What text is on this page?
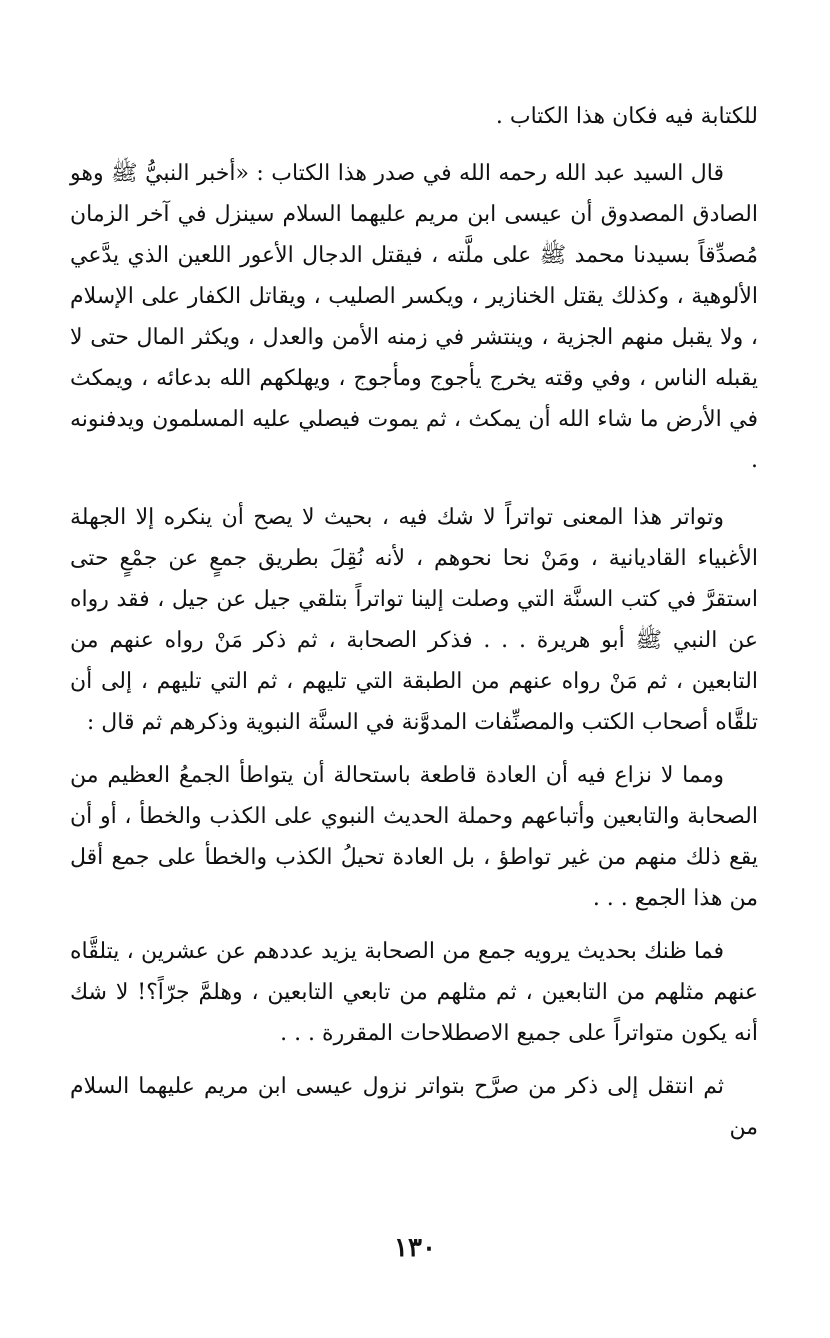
للكتابة فيه فكان هذا الكتاب .

قال السيد عبد الله رحمه الله في صدر هذا الكتاب : «أخبر النبيُّ ﷺ وهو الصادق المصدوق أن عيسى ابن مريم عليهما السلام سينزل في آخر الزمان مُصدِّقاً بسيدنا محمد ﷺ على ملَّته ، فيقتل الدجال الأعور اللعين الذي يدَّعي الألوهية ، وكذلك يقتل الخنازير ، ويكسر الصليب ، ويقاتل الكفار على الإسلام ، ولا يقبل منهم الجزية ، وينتشر في زمنه الأمن والعدل ، ويكثر المال حتى لا يقبله الناس ، وفي وقته يخرج يأجوج ومأجوج ، ويهلكهم الله بدعائه ، ويمكث في الأرض ما شاء الله أن يمكث ، ثم يموت فيصلي عليه المسلمون ويدفنونه .

وتواتر هذا المعنى تواتراً لا شك فيه ، بحيث لا يصح أن ينكره إلا الجهلة الأغبياء القاديانية ، ومَنْ نحا نحوهم ، لأنه نُقِلَ بطريق جمعٍ عن جمْعٍ حتى استقرَّ في كتب السنَّة التي وصلت إلينا تواتراً بتلقي جيل عن جيل ، فقد رواه عن النبي ﷺ أبو هريرة . . . فذكر الصحابة ، ثم ذكر مَنْ رواه عنهم من التابعين ، ثم مَنْ رواه عنهم من الطبقة التي تليهم ، ثم التي تليهم ، إلى أن تلقَّاه أصحاب الكتب والمصنِّفات المدوَّنة في السنَّة النبوية وذكرهم ثم قال :

ومما لا نزاع فيه أن العادة قاطعة باستحالة أن يتواطأ الجمعُ العظيم من الصحابة والتابعين وأتباعهم وحملة الحديث النبوي على الكذب والخطأ ، أو أن يقع ذلك منهم من غير تواطؤ ، بل العادة تحيلُ الكذب والخطأ على جمع أقل من هذا الجمع . . .

فما ظنك بحديث يرويه جمع من الصحابة يزيد عددهم عن عشرين ، يتلقَّاه عنهم مثلهم من التابعين ، ثم مثلهم من تابعي التابعين ، وهلمَّ جرّاً؟! لا شك أنه يكون متواتراً على جميع الاصطلاحات المقررة . . .

ثم انتقل إلى ذكر من صرَّح بتواتر نزول عيسى ابن مريم عليهما السلام من

١٣٠
